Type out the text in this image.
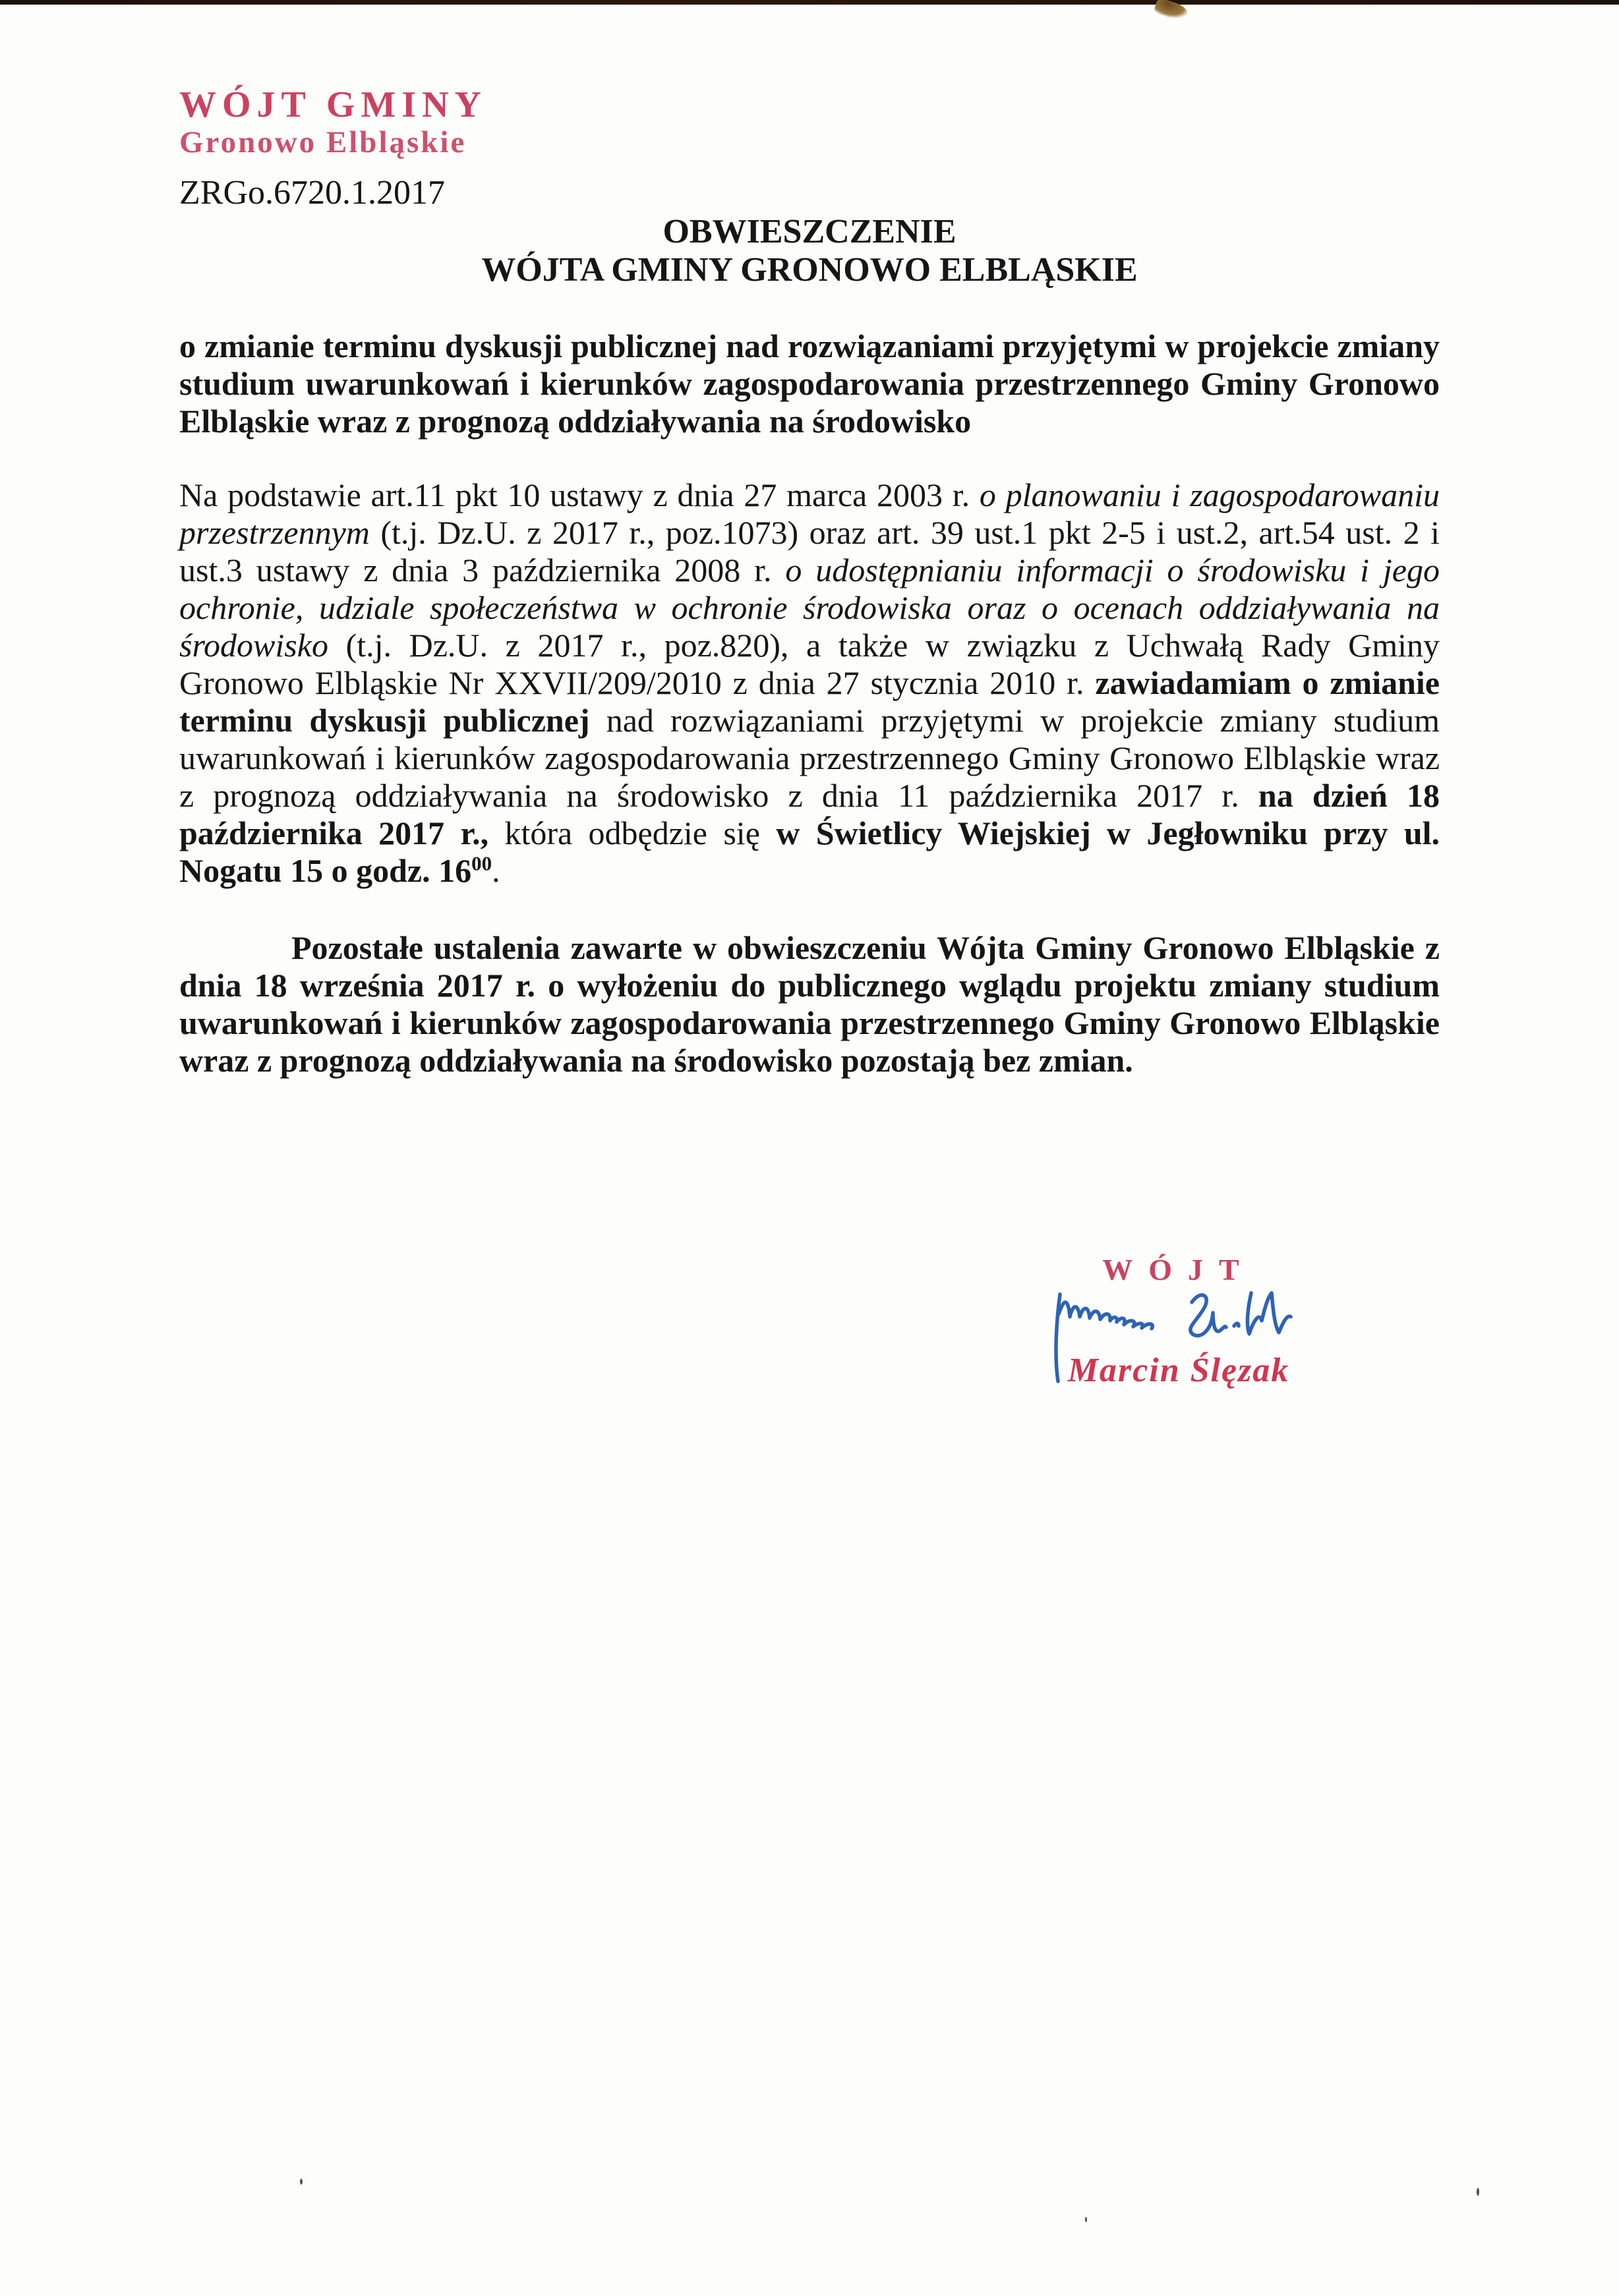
WÓJT GMINY
Gronowo Elbląskie
ZRGo.6720.1.2017
OBWIESZCZENIE
WÓJTA GMINY GRONOWO ELBLĄSKIE

o zmianie terminu dyskusji publicznej nad rozwiązaniami przyjętymi w projekcie zmiany studium uwarunkowań i kierunków zagospodarowania przestrzennego Gminy Gronowo Elbląskie wraz z prognozą oddziaływania na środowisko

Na podstawie art.11 pkt 10 ustawy z dnia 27 marca 2003 r. o planowaniu i zagospodarowaniu przestrzennym (t.j. Dz.U. z 2017 r., poz.1073) oraz art. 39 ust.1 pkt 2-5 i ust.2, art.54 ust. 2 i ust.3 ustawy z dnia 3 października 2008 r. o udostępnianiu informacji o środowisku i jego ochronie, udziale społeczeństwa w ochronie środowiska oraz o ocenach oddziaływania na środowisko (t.j. Dz.U. z 2017 r., poz.820), a także w związku z Uchwałą Rady Gminy Gronowo Elbląskie Nr XXVII/209/2010 z dnia 27 stycznia 2010 r. zawiadamiam o zmianie terminu dyskusji publicznej nad rozwiązaniami przyjętymi w projekcie zmiany studium uwarunkowań i kierunków zagospodarowania przestrzennego Gminy Gronowo Elbląskie wraz z prognozą oddziaływania na środowisko z dnia 11 października 2017 r. na dzień 18 października 2017 r., która odbędzie się w Świetlicy Wiejskiej w Jegłowniku przy ul. Nogatu 15 o godz. $16^{00}$.

Pozostałe ustalenia zawarte w obwieszczeniu Wójta Gminy Gronowo Elbląskie z dnia 18 września 2017 r. o wyłożeniu do publicznego wglądu projektu zmiany studium uwarunkowań i kierunków zagospodarowania przestrzennego Gminy Gronowo Elbląskie wraz z prognozą oddziaływania na środowisko pozostają bez zmian.

WÓJT
Marcin Ślęzak
